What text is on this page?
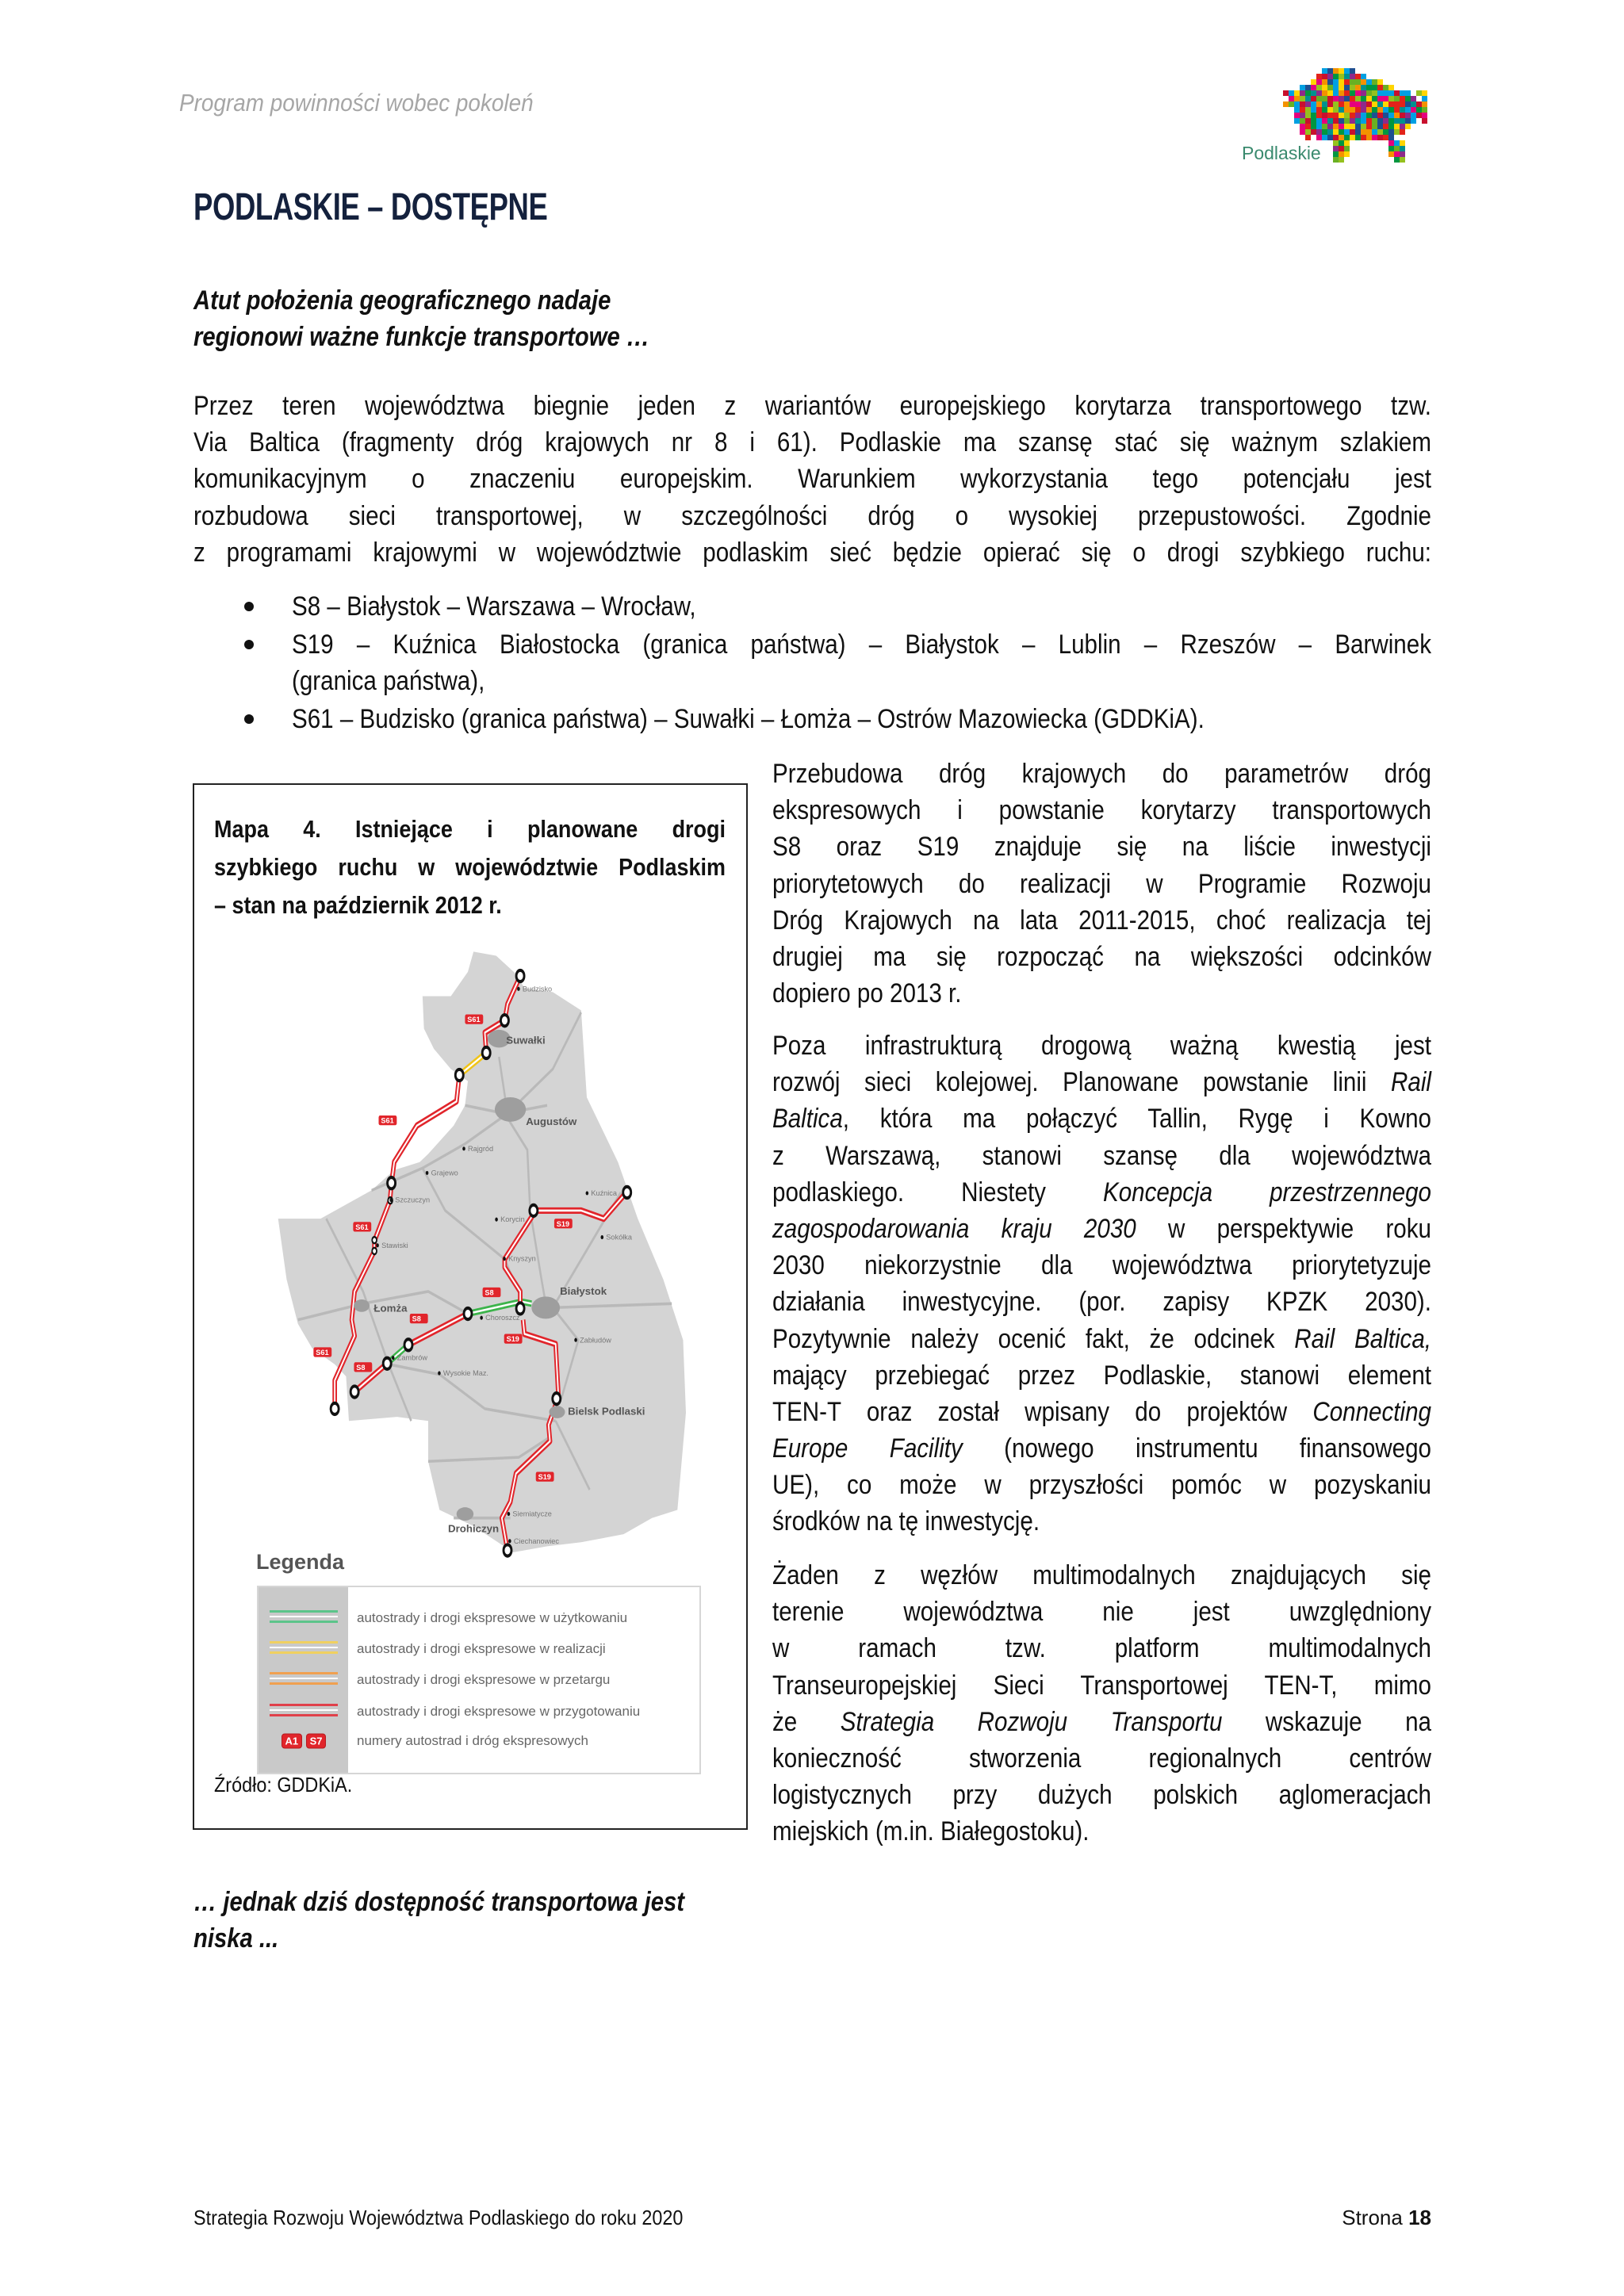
Program powinności wobec pokoleń
Podlaskie
PODLASKIE – DOSTĘPNE
Atut położenia geograficznego nadaje
regionowi ważne funkcje transportowe …
Przez teren województwa biegnie jeden z wariantów europejskiego korytarza transportowego tzw.
Via Baltica (fragmenty dróg krajowych nr 8 i 61). Podlaskie ma szansę stać się ważnym szlakiem
komunikacyjnym o znaczeniu europejskim. Warunkiem wykorzystania tego potencjału jest
rozbudowa sieci transportowej, w szczególności dróg o wysokiej przepustowości. Zgodnie
z programami krajowymi w województwie podlaskim sieć będzie opierać się o drogi szybkiego ruchu:
S8 – Białystok – Warszawa – Wrocław,
S19 – Kuźnica Białostocka (granica państwa) – Białystok – Lublin – Rzeszów – Barwinek
(granica państwa),
S61 – Budzisko (granica państwa) – Suwałki – Łomża – Ostrów Mazowiecka (GDDKiA).
Mapa 4. Istniejące i planowane drogi
szybkiego ruchu w województwie Podlaskim
– stan na październik 2012 r.
Suwałki
Augustów
Białystok
Łomża
Bielsk Podlaski
Drohiczyn
Budzisko
Rajgród
Grajewo
Szczuczyn
Stawiski
Kuźnica
Sokółka
Korycin
Knyszyn
Choroszcz
Zabłudów
Zambrów
Wysokie Maz.
Siemiatycze
Ciechanowiec
S61
S61
S61
S61
S19
S19
S19
S8
S8
S8
Legenda
autostrady i drogi ekspresowe w użytkowaniu
autostrady i drogi ekspresowe w realizacji
autostrady i drogi ekspresowe w przetargu
autostrady i drogi ekspresowe w przygotowaniu
A1 S7	numery autostrad i dróg ekspresowych
Źródło: GDDKiA.
Przebudowa dróg krajowych do parametrów dróg
ekspresowych i powstanie korytarzy transportowych
S8 oraz S19 znajduje się na liście inwestycji
priorytetowych do realizacji w Programie Rozwoju
Dróg Krajowych na lata 2011-2015, choć realizacja tej
drugiej ma się rozpocząć na większości odcinków
dopiero po 2013 r.
Poza infrastrukturą drogową ważną kwestią jest
rozwój sieci kolejowej. Planowane powstanie linii Rail
Baltica, która ma połączyć Tallin, Rygę i Kowno
z Warszawą, stanowi szansę dla województwa
podlaskiego. Niestety Koncepcja przestrzennego
zagospodarowania kraju 2030 w perspektywie roku
2030 niekorzystnie dla województwa priorytetyzuje
działania inwestycyjne. (por. zapisy KPZK 2030).
Pozytywnie należy ocenić fakt, że odcinek Rail Baltica,
mający przebiegać przez Podlaskie, stanowi element
TEN-T oraz został wpisany do projektów Connecting
Europe Facility (nowego instrumentu finansowego
UE), co może w przyszłości pomóc w pozyskaniu
środków na tę inwestycję.
Żaden z węzłów multimodalnych znajdujących się
terenie województwa nie jest uwzględniony
w ramach tzw. platform multimodalnych
Transeuropejskiej Sieci Transportowej TEN-T, mimo
że Strategia Rozwoju Transportu wskazuje na
konieczność stworzenia regionalnych centrów
logistycznych przy dużych polskich aglomeracjach
miejskich (m.in. Białegostoku).
… jednak dziś dostępność transportowa jest
niska ...
Strategia Rozwoju Województwa Podlaskiego do roku 2020	Strona 18
